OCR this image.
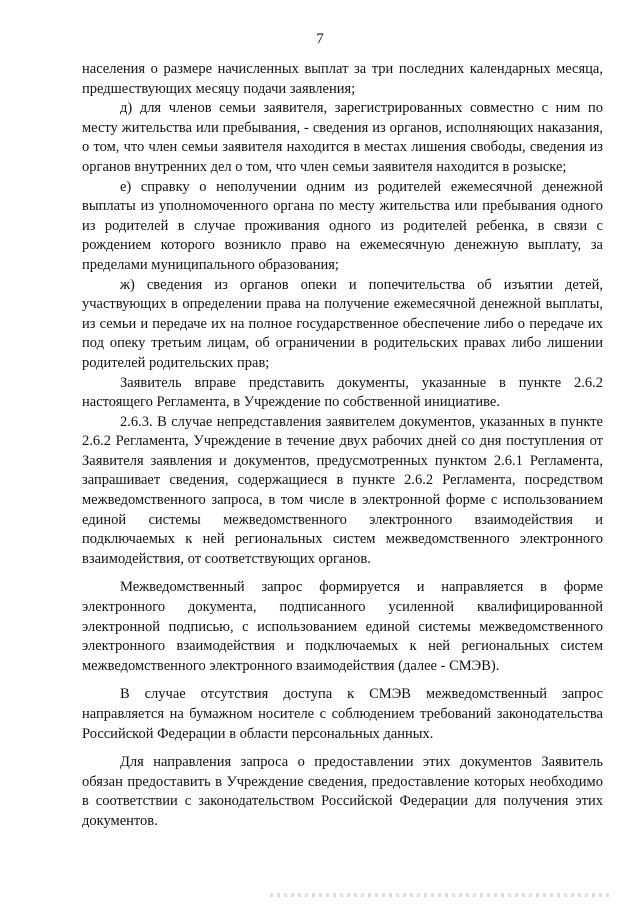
7

населения о размере начисленных выплат за три последних календарных месяца, предшествующих месяцу подачи заявления;

д) для членов семьи заявителя, зарегистрированных совместно с ним по месту жительства или пребывания, - сведения из органов, исполняющих наказания, о том, что член семьи заявителя находится в местах лишения свободы, сведения из органов внутренних дел о том, что член семьи заявителя находится в розыске;

е) справку о неполучении одним из родителей ежемесячной денежной выплаты из уполномоченного органа по месту жительства или пребывания одного из родителей в случае проживания одного из родителей ребенка, в связи с рождением которого возникло право на ежемесячную денежную выплату, за пределами муниципального образования;

ж) сведения из органов опеки и попечительства об изъятии детей, участвующих в определении права на получение ежемесячной денежной выплаты, из семьи и передаче их на полное государственное обеспечение либо о передаче их под опеку третьим лицам, об ограничении в родительских правах либо лишении родителей родительских прав;

Заявитель вправе представить документы, указанные в пункте 2.6.2 настоящего Регламента, в Учреждение по собственной инициативе.

2.6.3. В случае непредставления заявителем документов, указанных в пункте 2.6.2 Регламента, Учреждение в течение двух рабочих дней со дня поступления от Заявителя заявления и документов, предусмотренных пунктом 2.6.1 Регламента, запрашивает сведения, содержащиеся в пункте 2.6.2 Регламента, посредством межведомственного запроса, в том числе в электронной форме с использованием единой системы межведомственного электронного взаимодействия и подключаемых к ней региональных систем межведомственного электронного взаимодействия, от соответствующих органов.

Межведомственный запрос формируется и направляется в форме электронного документа, подписанного усиленной квалифицированной электронной подписью, с использованием единой системы межведомственного электронного взаимодействия и подключаемых к ней региональных систем межведомственного электронного взаимодействия (далее - СМЭВ).

В случае отсутствия доступа к СМЭВ межведомственный запрос направляется на бумажном носителе с соблюдением требований законодательства Российской Федерации в области персональных данных.

Для направления запроса о предоставлении этих документов Заявитель обязан предоставить в Учреждение сведения, предоставление которых необходимо в соответствии с законодательством Российской Федерации для получения этих документов.
